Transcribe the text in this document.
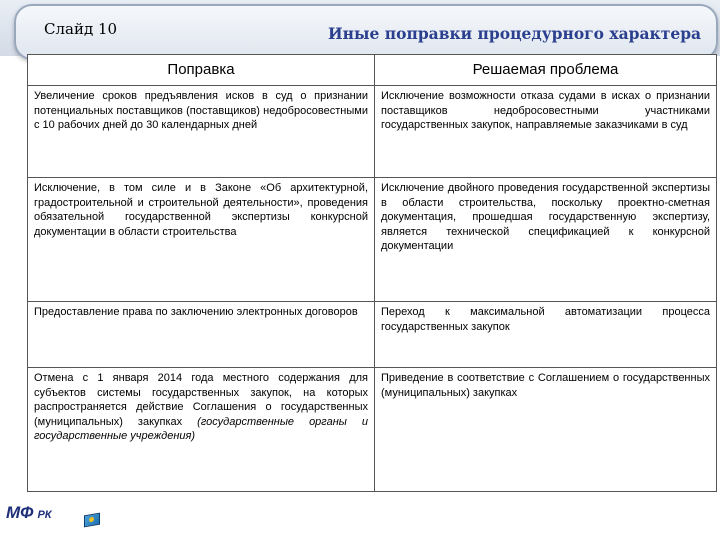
Слайд 10	Иные поправки процедурного характера
Поправка	Решаемая проблема
Увеличение сроков предъявления исков в суд о признании потенциальных поставщиков (поставщиков) недобросовестными с 10 рабочих дней до 30 календарных дней	Исключение возможности отказа судами в исках о признании поставщиков недобросовестными участниками государственных закупок, направляемые заказчиками в суд
Исключение, в том силе и в Законе «Об архитектурной, градостроительной и строительной деятельности», проведения обязательной государственной экспертизы конкурсной документации в области строительства	Исключение двойного проведения государственной экспертизы в области строительства, поскольку проектно-сметная документация, прошедшая государственную экспертизу, является технической спецификацией к конкурсной документации
Предоставление права по заключению электронных договоров	Переход к максимальной автоматизации процесса государственных закупок
Отмена с 1 января 2014 года местного содержания для субъектов системы государственных закупок, на которых распространяется действие Соглашения о государственных (муниципальных) закупках (государственные органы и государственные учреждения)	Приведение в соответствие с Соглашением о государственных (муниципальных) закупках
МФ РК
